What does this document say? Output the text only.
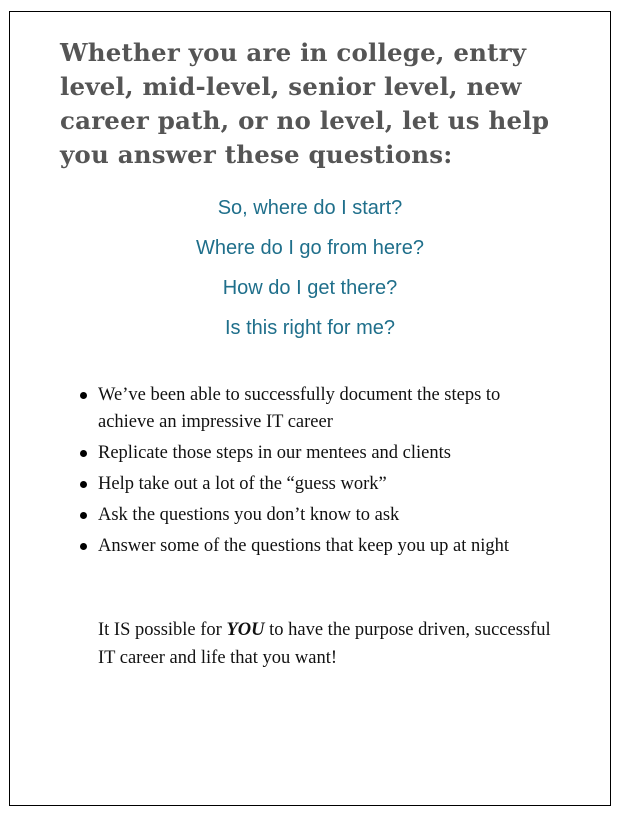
Whether you are in college, entry level, mid-level, senior level, new career path, or no level, let us help you answer these questions:
So, where do I start?
Where do I go from here?
How do I get there?
Is this right for me?
We’ve been able to successfully document the steps to achieve an impressive IT career
Replicate those steps in our mentees and clients
Help take out a lot of the “guess work”
Ask the questions you don’t know to ask
Answer some of the questions that keep you up at night

It IS possible for YOU to have the purpose driven, successful IT career and life that you want!
